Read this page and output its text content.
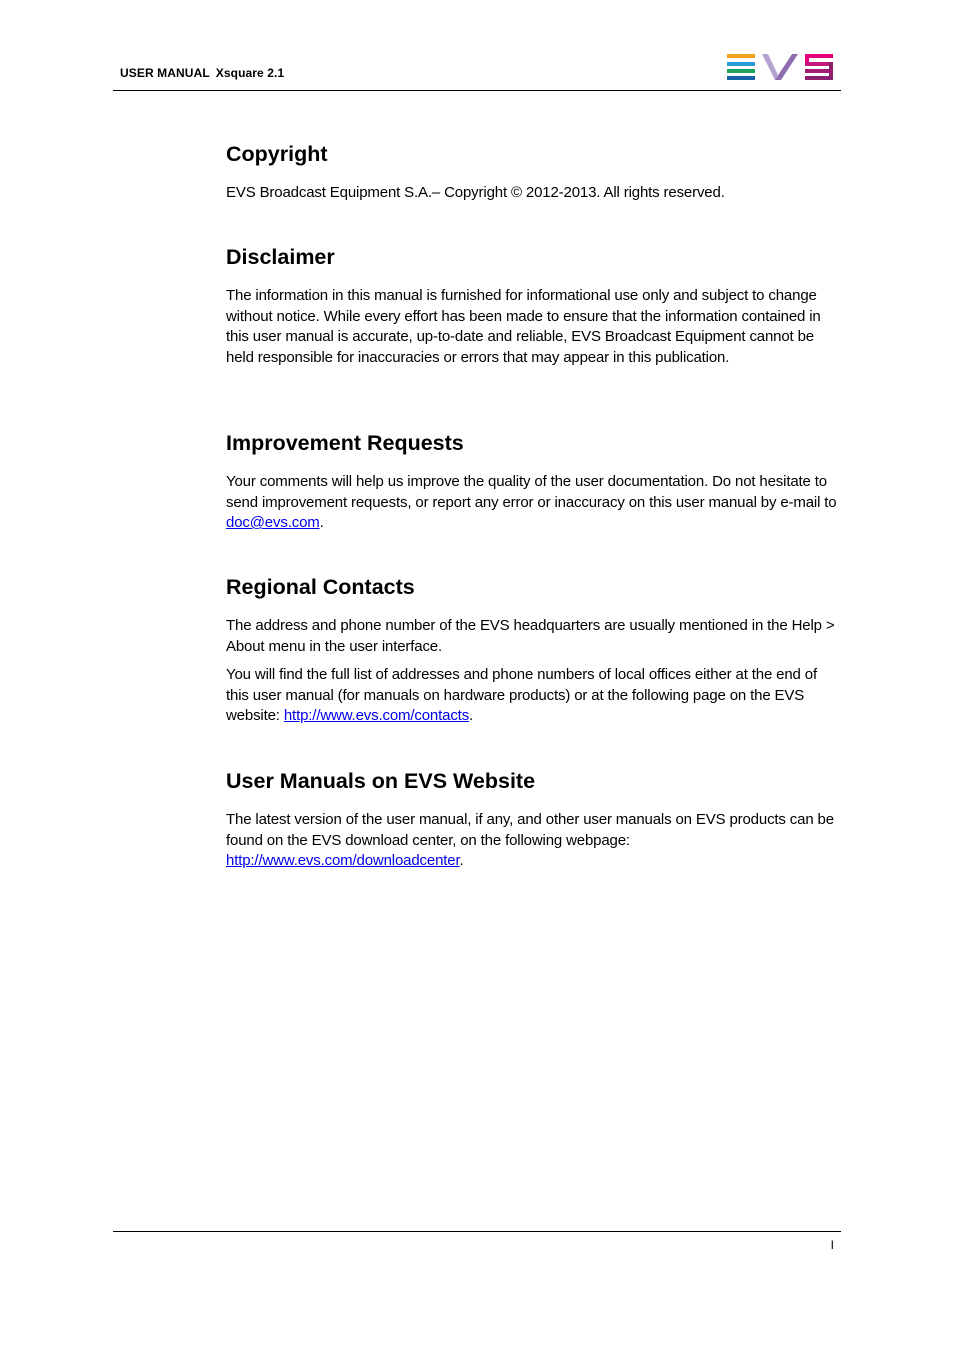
USER MANUAL Xsquare 2.1
Copyright

EVS Broadcast Equipment S.A.– Copyright © 2012-2013. All rights reserved.

Disclaimer

The information in this manual is furnished for informational use only and subject to change without notice. While every effort has been made to ensure that the information contained in this user manual is accurate, up-to-date and reliable, EVS Broadcast Equipment cannot be held responsible for inaccuracies or errors that may appear in this publication.

Improvement Requests

Your comments will help us improve the quality of the user documentation. Do not hesitate to send improvement requests, or report any error or inaccuracy on this user manual by e-mail to doc@evs.com.

Regional Contacts

The address and phone number of the EVS headquarters are usually mentioned in the Help > About menu in the user interface.

You will find the full list of addresses and phone numbers of local offices either at the end of this user manual (for manuals on hardware products) or at the following page on the EVS website: http://www.evs.com/contacts.

User Manuals on EVS Website

The latest version of the user manual, if any, and other user manuals on EVS products can be found on the EVS download center, on the following webpage: http://www.evs.com/downloadcenter.

I
